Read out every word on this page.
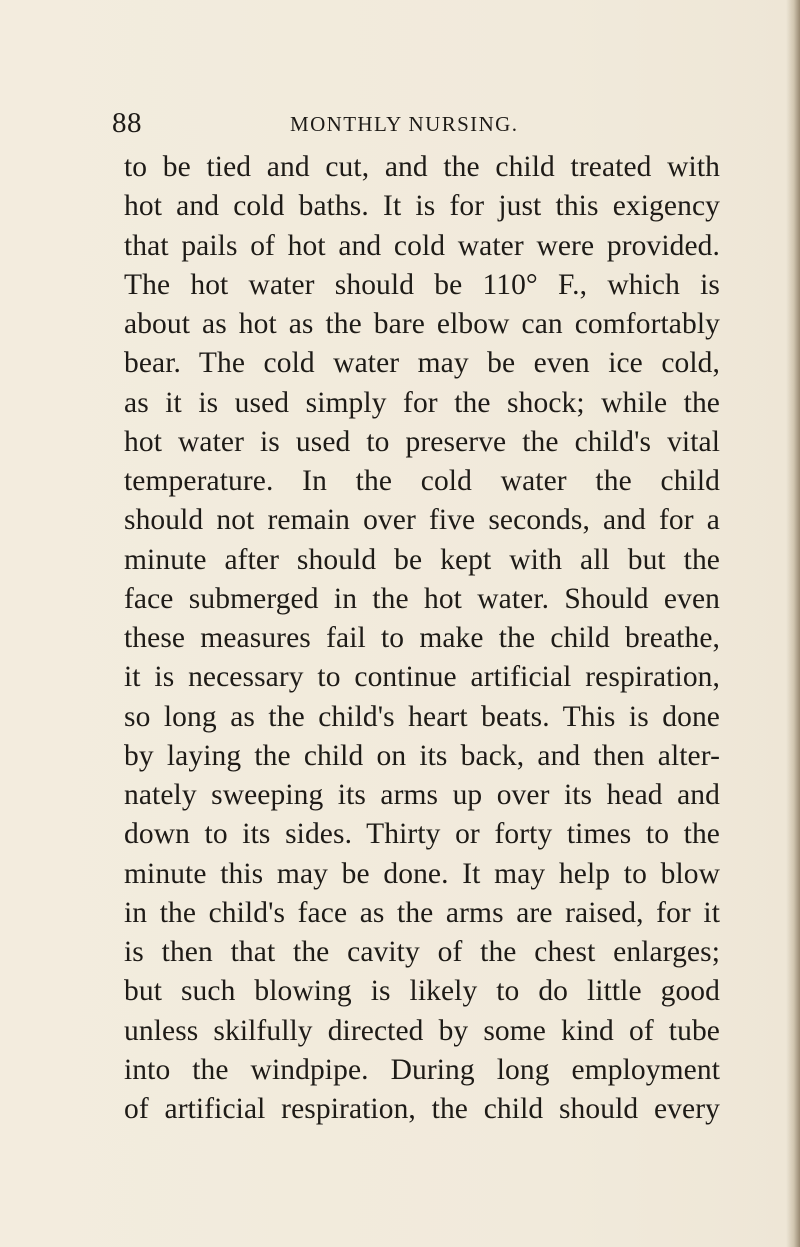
88	MONTHLY NURSING.
to be tied and cut, and the child treated with
hot and cold baths. It is for just this exigency
that pails of hot and cold water were provided.
The hot water should be 110° F., which is
about as hot as the bare elbow can comfortably
bear. The cold water may be even ice cold,
as it is used simply for the shock; while the
hot water is used to preserve the child's vital
temperature. In the cold water the child
should not remain over five seconds, and for a
minute after should be kept with all but the
face submerged in the hot water. Should even
these measures fail to make the child breathe,
it is necessary to continue artificial respiration,
so long as the child's heart beats. This is done
by laying the child on its back, and then alter-
nately sweeping its arms up over its head and
down to its sides. Thirty or forty times to the
minute this may be done. It may help to blow
in the child's face as the arms are raised, for it
is then that the cavity of the chest enlarges;
but such blowing is likely to do little good
unless skilfully directed by some kind of tube
into the windpipe. During long employment
of artificial respiration, the child should every
